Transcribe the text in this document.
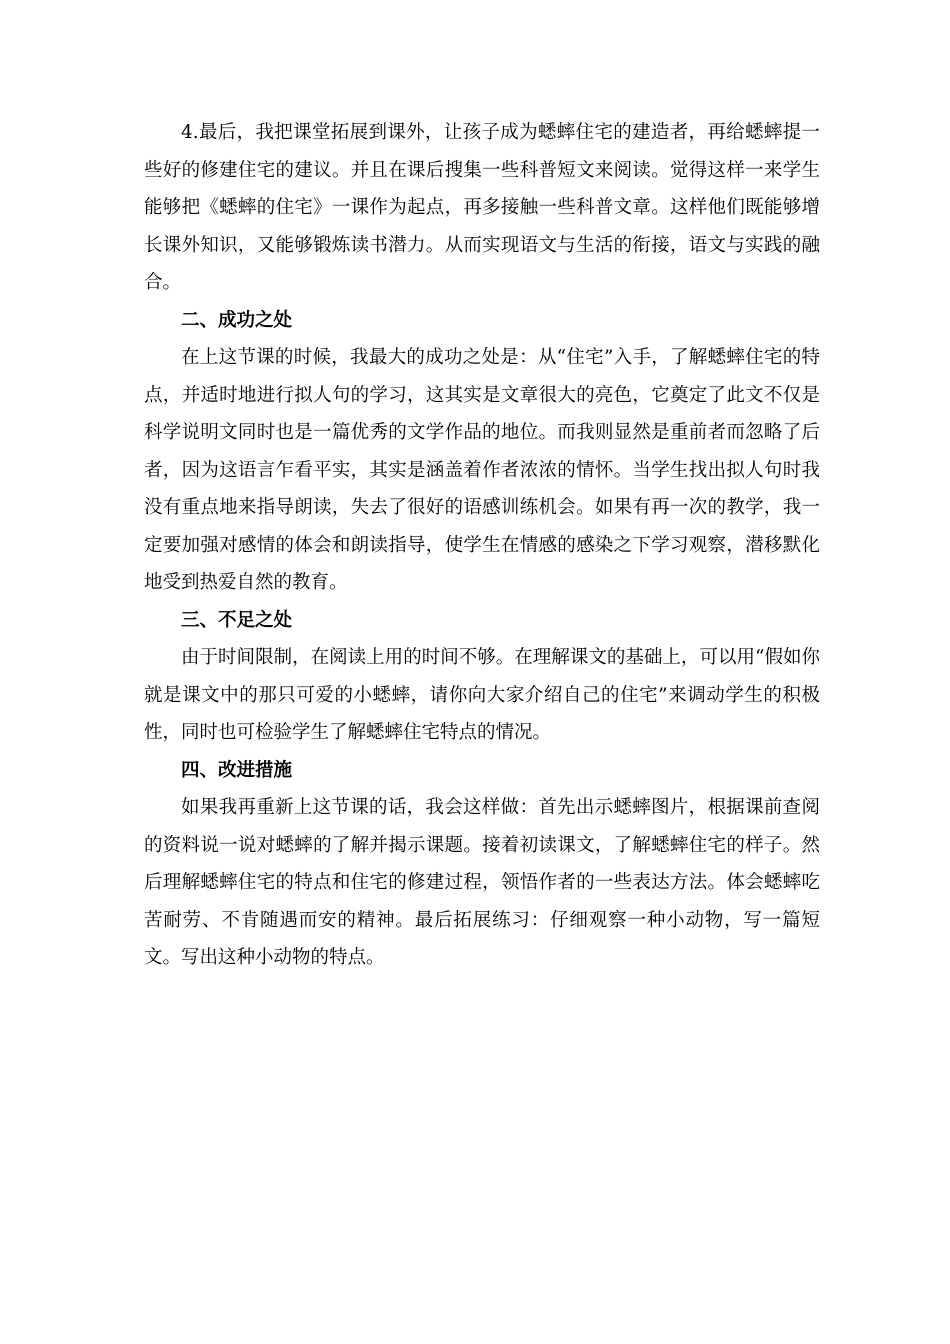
4.最后，我把课堂拓展到课外，让孩子成为蟋蟀住宅的建造者，再给蟋蟀提一些好的修建住宅的建议。并且在课后搜集一些科普短文来阅读。觉得这样一来学生能够把《蟋蟀的住宅》一课作为起点，再多接触一些科普文章。这样他们既能够增长课外知识，又能够锻炼读书潜力。从而实现语文与生活的衔接，语文与实践的融合。

二、成功之处

在上这节课的时候，我最大的成功之处是：从“住宅”入手，了解蟋蟀住宅的特点，并适时地进行拟人句的学习，这其实是文章很大的亮色，它奠定了此文不仅是科学说明文同时也是一篇优秀的文学作品的地位。而我则显然是重前者而忽略了后者，因为这语言乍看平实，其实是涵盖着作者浓浓的情怀。当学生找出拟人句时我没有重点地来指导朗读，失去了很好的语感训练机会。如果有再一次的教学，我一定要加强对感情的体会和朗读指导，使学生在情感的感染之下学习观察，潜移默化地受到热爱自然的教育。

三、不足之处

由于时间限制，在阅读上用的时间不够。在理解课文的基础上，可以用“假如你就是课文中的那只可爱的小蟋蟀，请你向大家介绍自己的住宅”来调动学生的积极性，同时也可检验学生了解蟋蟀住宅特点的情况。

四、改进措施

如果我再重新上这节课的话，我会这样做：首先出示蟋蟀图片，根据课前查阅的资料说一说对蟋蟀的了解并揭示课题。接着初读课文，了解蟋蟀住宅的样子。然后理解蟋蟀住宅的特点和住宅的修建过程，领悟作者的一些表达方法。体会蟋蟀吃苦耐劳、不肯随遇而安的精神。最后拓展练习：仔细观察一种小动物，写一篇短文。写出这种小动物的特点。
